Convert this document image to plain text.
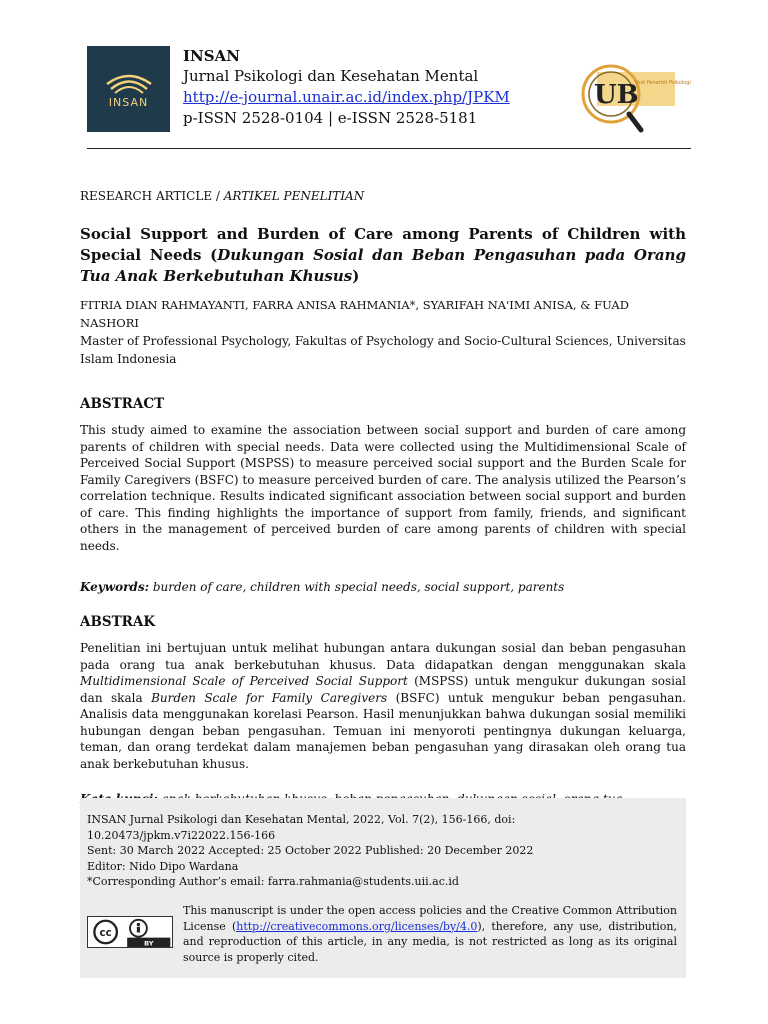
INSAN
INSAN
Jurnal Psikologi dan Kesehatan Mental
http://e-journal.unair.ac.id/index.php/JPKM
p-ISSN 2528-0104 | e-ISSN 2528-5181
UB
Unit Penerbit Psikologi
RESEARCH ARTICLE / ARTIKEL PENELITIAN
Social Support and Burden of Care among Parents of Children with Special Needs (Dukungan Sosial dan Beban Pengasuhan pada Orang Tua Anak Berkebutuhan Khusus)
FITRIA DIAN RAHMAYANTI, FARRA ANISA RAHMANIA*, SYARIFAH NA'IMI ANISA, & FUAD NASHORI
Master of Professional Psychology, Fakultas of Psychology and Socio-Cultural Sciences, Universitas Islam Indonesia
ABSTRACT
This study aimed to examine the association between social support and burden of care among parents of children with special needs. Data were collected using the Multidimensional Scale of Perceived Social Support (MSPSS) to measure perceived social support and the Burden Scale for Family Caregivers (BSFC) to measure perceived burden of care. The analysis utilized the Pearson’s correlation technique. Results indicated significant association between social support and burden of care. This finding highlights the importance of support from family, friends, and significant others in the management of perceived burden of care among parents of children with special needs.
Keywords: burden of care, children with special needs, social support, parents
ABSTRAK
Penelitian ini bertujuan untuk melihat hubungan antara dukungan sosial dan beban pengasuhan pada orang tua anak berkebutuhan khusus. Data didapatkan dengan menggunakan skala Multidimensional Scale of Perceived Social Support (MSPSS) untuk mengukur dukungan sosial dan skala Burden Scale for Family Caregivers (BSFC) untuk mengukur beban pengasuhan. Analisis data menggunakan korelasi Pearson. Hasil menunjukkan bahwa dukungan sosial memiliki hubungan dengan beban pengasuhan. Temuan ini menyoroti pentingnya dukungan keluarga, teman, dan orang terdekat dalam manajemen beban pengasuhan yang dirasakan oleh orang tua anak berkebutuhan khusus.
INSAN Jurnal Psikologi dan Kesehatan Mental, 2022, Vol. 7(2), 156-166, doi: 10.20473/jpkm.v7i22022.156-166
Sent: 30 March 2022 Accepted: 25 October 2022 Published: 20 December 2022
Editor: Nido Dipo Wardana
*Corresponding Author’s email: farra.rahmania@students.uii.ac.id
cc
BY
This manuscript is under the open access policies and the Creative Common Attribution License (http://creativecommons.org/licenses/by/4.0), therefore, any use, distribution, and reproduction of this article, in any media, is not restricted as long as its original source is properly cited.
